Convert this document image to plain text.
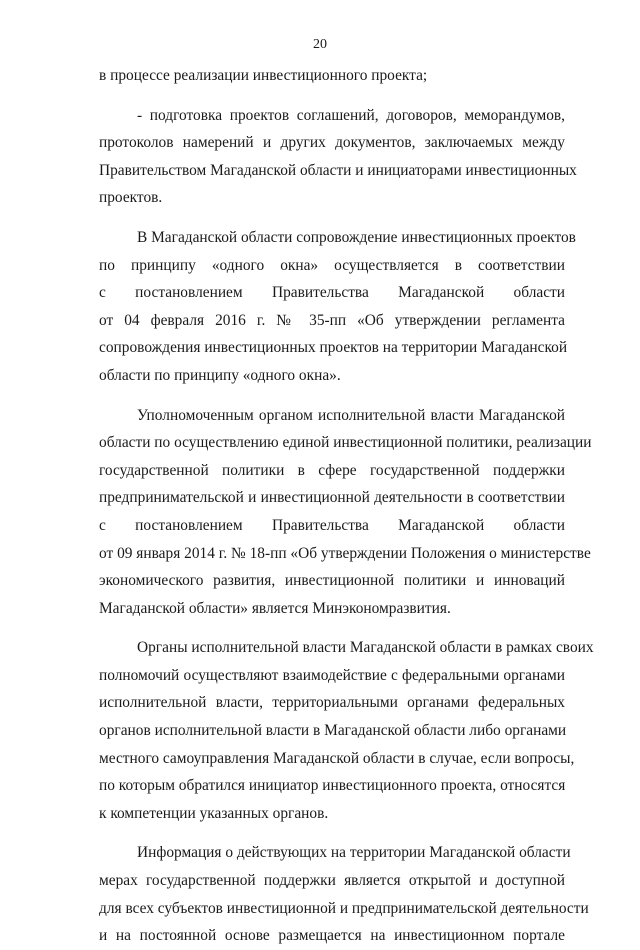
20
в процессе реализации инвестиционного проекта;
- подготовка проектов соглашений, договоров, меморандумов,
протоколов намерений и других документов, заключаемых между
Правительством Магаданской области и инициаторами инвестиционных
проектов.
В Магаданской области сопровождение инвестиционных проектов
по принципу «одного окна» осуществляется в соответствии
с постановлением Правительства Магаданской области
от 04 февраля 2016 г. № 35-пп «Об утверждении регламента
сопровождения инвестиционных проектов на территории Магаданской
области по принципу «одного окна».
Уполномоченным органом исполнительной власти Магаданской
области по осуществлению единой инвестиционной политики, реализации
государственной политики в сфере государственной поддержки
предпринимательской и инвестиционной деятельности в соответствии
с постановлением Правительства Магаданской области
от 09 января 2014 г. № 18-пп «Об утверждении Положения о министерстве
экономического развития, инвестиционной политики и инноваций
Магаданской области» является Минэкономразвития.
Органы исполнительной власти Магаданской области в рамках своих
полномочий осуществляют взаимодействие с федеральными органами
исполнительной власти, территориальными органами федеральных
органов исполнительной власти в Магаданской области либо органами
местного самоуправления Магаданской области в случае, если вопросы,
по которым обратился инициатор инвестиционного проекта, относятся
к компетенции указанных органов.
Информация о действующих на территории Магаданской области
мерах государственной поддержки является открытой и доступной
для всех субъектов инвестиционной и предпринимательской деятельности
и на постоянной основе размещается на инвестиционном портале
